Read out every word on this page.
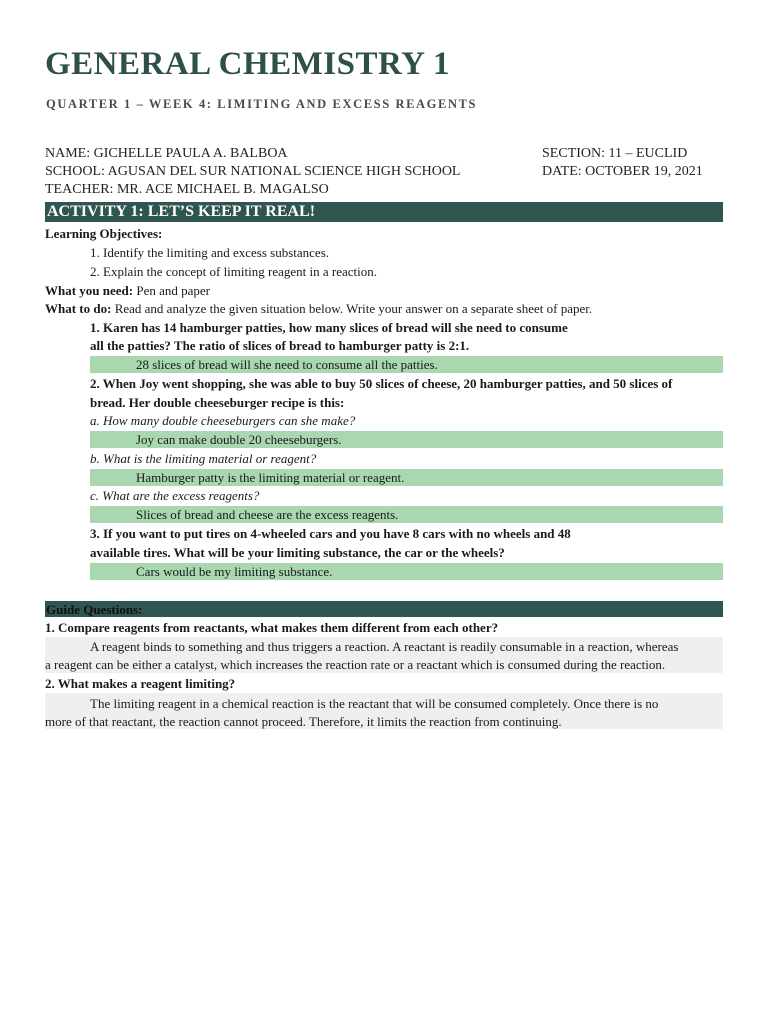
GENERAL CHEMISTRY 1
QUARTER 1 – WEEK 4: LIMITING AND EXCESS REAGENTS
NAME: GICHELLE PAULA A. BALBOA
SCHOOL: AGUSAN DEL SUR NATIONAL SCIENCE HIGH SCHOOL
TEACHER: MR. ACE MICHAEL B. MAGALSO
SECTION: 11 – EUCLID
DATE: OCTOBER 19, 2021
ACTIVITY 1: LET’S KEEP IT REAL!
Learning Objectives:
1. Identify the limiting and excess substances.
2. Explain the concept of limiting reagent in a reaction.
What you need: Pen and paper
What to do: Read and analyze the given situation below. Write your answer on a separate sheet of paper.
1. Karen has 14 hamburger patties, how many slices of bread will she need to consume
all the patties? The ratio of slices of bread to hamburger patty is 2:1.
28 slices of bread will she need to consume all the patties.
2. When Joy went shopping, she was able to buy 50 slices of cheese, 20 hamburger patties, and 50 slices of
bread. Her double cheeseburger recipe is this:
a. How many double cheeseburgers can she make?
Joy can make double 20 cheeseburgers.
b. What is the limiting material or reagent?
Hamburger patty is the limiting material or reagent.
c. What are the excess reagents?
Slices of bread and cheese are the excess reagents.
3. If you want to put tires on 4-wheeled cars and you have 8 cars with no wheels and 48
available tires. What will be your limiting substance, the car or the wheels?
Cars would be my limiting substance.
Guide Questions:
1. Compare reagents from reactants, what makes them different from each other?
A reagent binds to something and thus triggers a reaction. A reactant is readily consumable in a reaction, whereas
a reagent can be either a catalyst, which increases the reaction rate or a reactant which is consumed during the reaction.
2. What makes a reagent limiting?
The limiting reagent in a chemical reaction is the reactant that will be consumed completely. Once there is no
more of that reactant, the reaction cannot proceed. Therefore, it limits the reaction from continuing.
